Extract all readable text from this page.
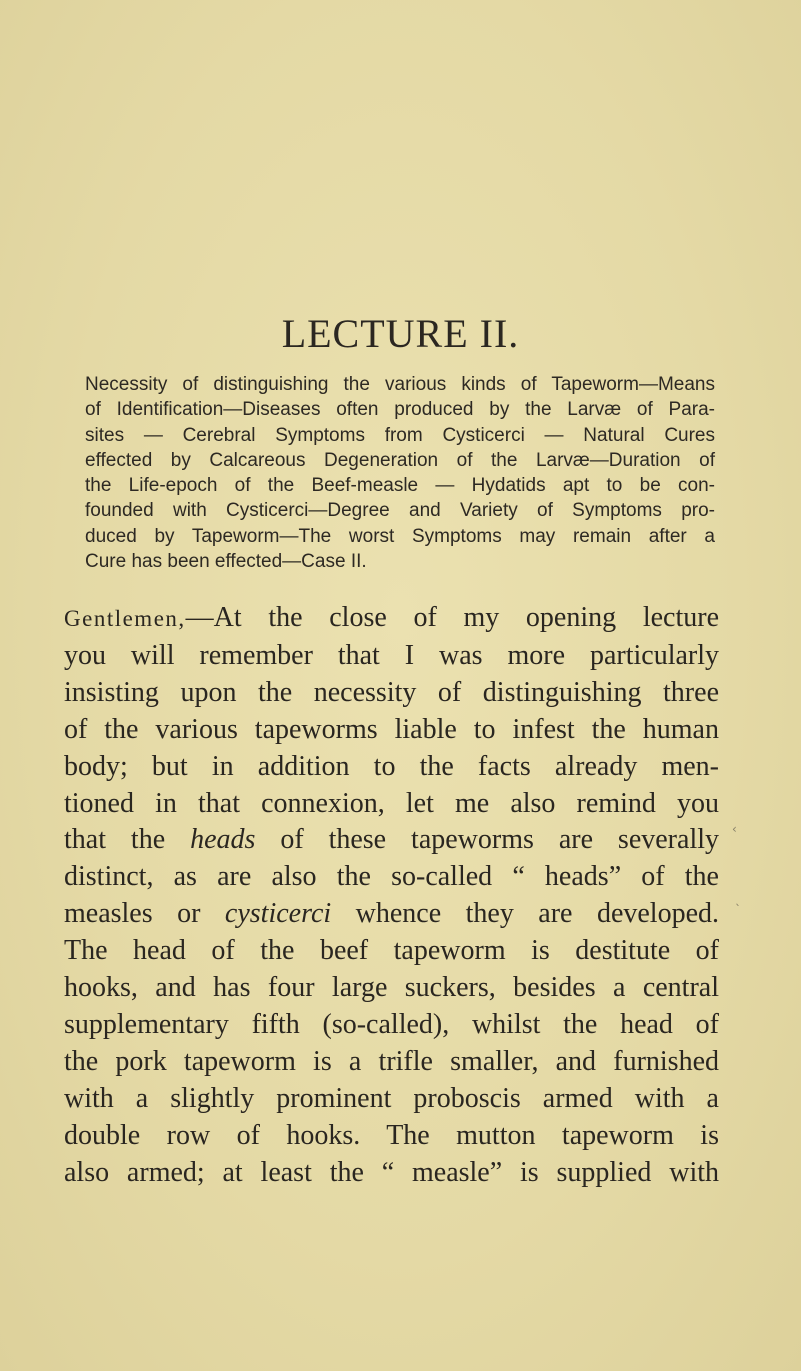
LECTURE II.
Necessity of distinguishing the various kinds of Tapeworm—Means
of Identification—Diseases often produced by the Larvæ of Para-
sites — Cerebral Symptoms from Cysticerci — Natural Cures
effected by Calcareous Degeneration of the Larvæ—Duration of
the Life-epoch of the Beef-measle — Hydatids apt to be con-
founded with Cysticerci—Degree and Variety of Symptoms pro-
duced by Tapeworm—The worst Symptoms may remain after a
Cure has been effected—Case II.
Gentlemen,—At the close of my opening lecture
you will remember that I was more particularly
insisting upon the necessity of distinguishing three
of the various tapeworms liable to infest the human
body; but in addition to the facts already men-
tioned in that connexion, let me also remind you
that the heads of these tapeworms are severally
distinct, as are also the so-called “ heads” of the
measles or cysticerci whence they are developed.
The head of the beef tapeworm is destitute of
hooks, and has four large suckers, besides a central
supplementary fifth (so-called), whilst the head of
the pork tapeworm is a trifle smaller, and furnished
with a slightly prominent proboscis armed with a
double row of hooks. The mutton tapeworm is
also armed; at least the “ measle” is supplied with
‹
ˎ
